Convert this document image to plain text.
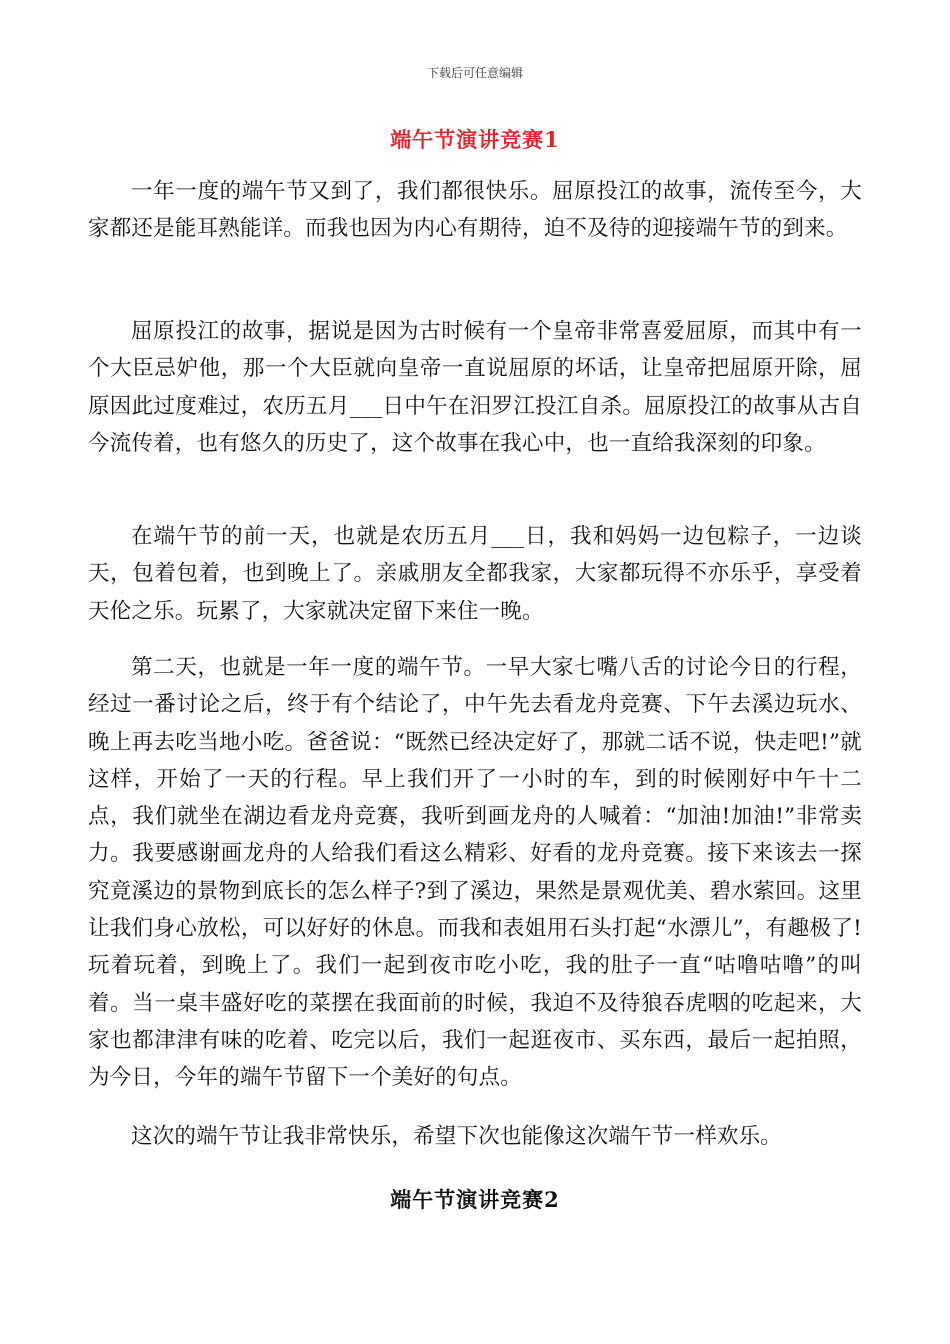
下载后可任意编辑
端午节演讲竞赛1

一年一度的端午节又到了，我们都很快乐。屈原投江的故事，流传至今，大家都还是能耳熟能详。而我也因为内心有期待，迫不及待的迎接端午节的到来。

屈原投江的故事，据说是因为古时候有一个皇帝非常喜爱屈原，而其中有一个大臣忌妒他，那一个大臣就向皇帝一直说屈原的坏话，让皇帝把屈原开除，屈原因此过度难过，农历五月___日中午在汨罗江投江自杀。屈原投江的故事从古自今流传着，也有悠久的历史了，这个故事在我心中，也一直给我深刻的印象。

在端午节的前一天，也就是农历五月___日，我和妈妈一边包粽子，一边谈天，包着包着，也到晚上了。亲戚朋友全都我家，大家都玩得不亦乐乎，享受着天伦之乐。玩累了，大家就决定留下来住一晚。

第二天，也就是一年一度的端午节。一早大家七嘴八舌的讨论今日的行程，经过一番讨论之后，终于有个结论了，中午先去看龙舟竞赛、下午去溪边玩水、晚上再去吃当地小吃。爸爸说：“既然已经决定好了，那就二话不说，快走吧!”就这样，开始了一天的行程。早上我们开了一小时的车，到的时候刚好中午十二点，我们就坐在湖边看龙舟竞赛，我听到画龙舟的人喊着：“加油!加油!”非常卖力。我要感谢画龙舟的人给我们看这么精彩、好看的龙舟竞赛。接下来该去一探究竟溪边的景物到底长的怎么样子?到了溪边，果然是景观优美、碧水萦回。这里让我们身心放松，可以好好的休息。而我和表姐用石头打起“水漂儿”，有趣极了!玩着玩着，到晚上了。我们一起到夜市吃小吃，我的肚子一直“咕噜咕噜”的叫着。当一桌丰盛好吃的菜摆在我面前的时候，我迫不及待狼吞虎咽的吃起来，大家也都津津有味的吃着、吃完以后，我们一起逛夜市、买东西，最后一起拍照，为今日，今年的端午节留下一个美好的句点。

这次的端午节让我非常快乐，希望下次也能像这次端午节一样欢乐。

端午节演讲竞赛2
